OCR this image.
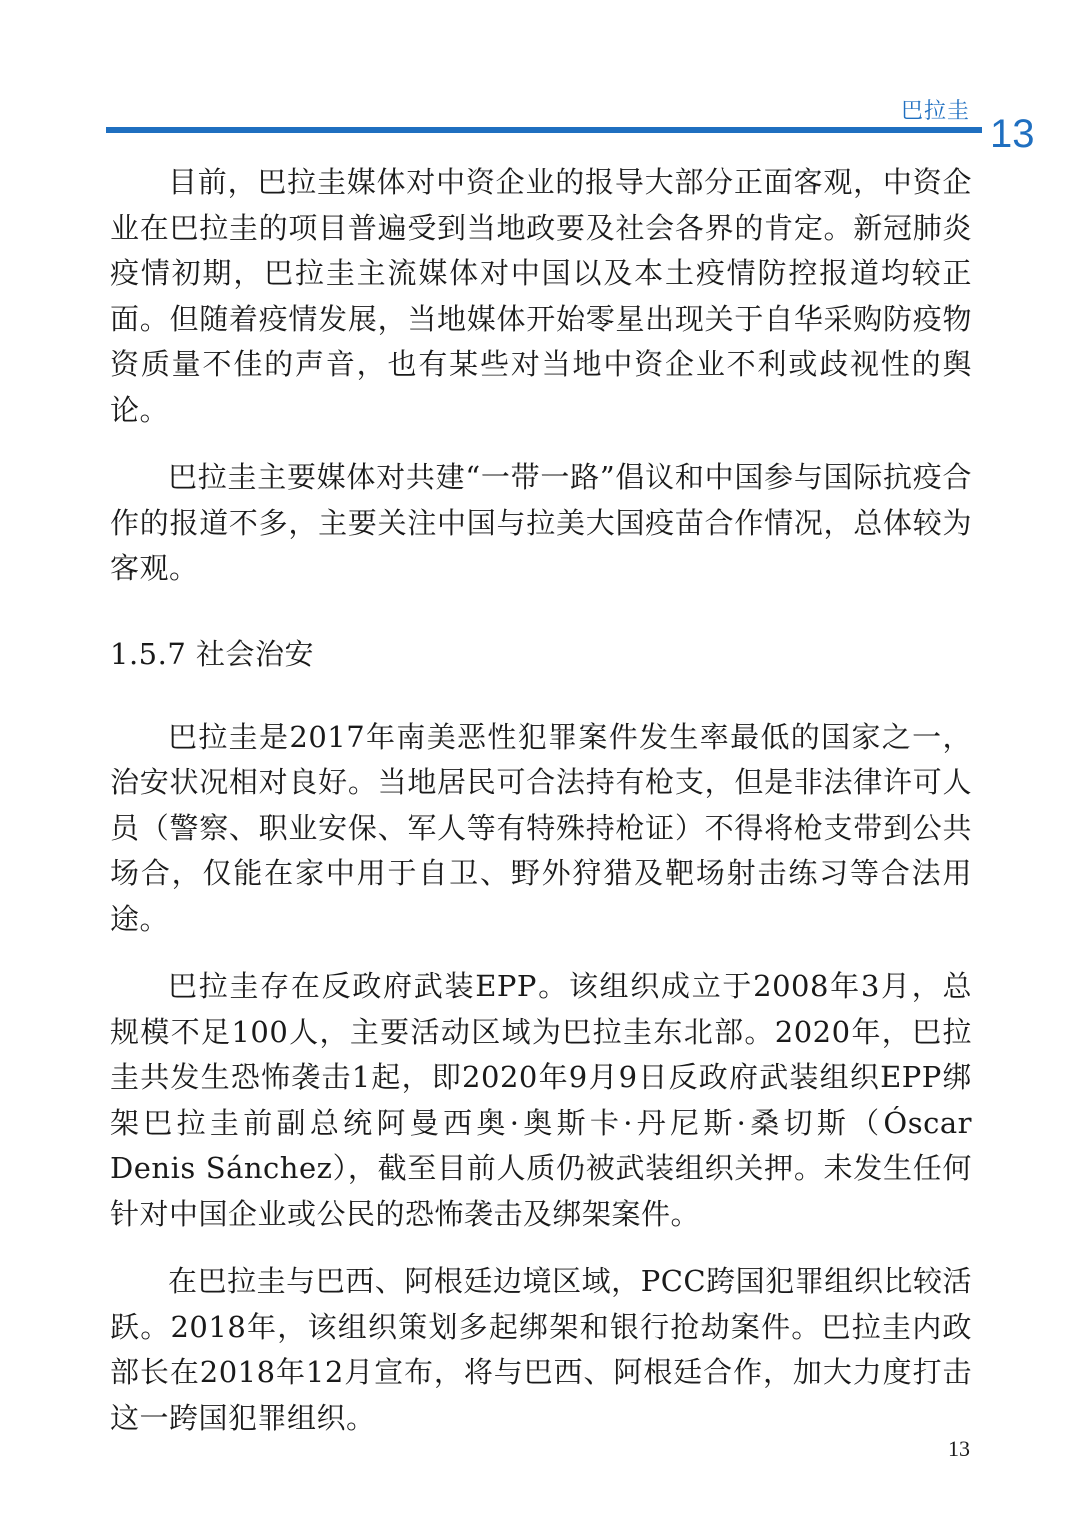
巴拉圭
13

目前，巴拉圭媒体对中资企业的报导大部分正面客观，中资企业在巴拉圭的项目普遍受到当地政要及社会各界的肯定。新冠肺炎疫情初期，巴拉圭主流媒体对中国以及本土疫情防控报道均较正面。但随着疫情发展，当地媒体开始零星出现关于自华采购防疫物资质量不佳的声音，也有某些对当地中资企业不利或歧视性的舆论。

巴拉圭主要媒体对共建“一带一路”倡议和中国参与国际抗疫合作的报道不多，主要关注中国与拉美大国疫苗合作情况，总体较为客观。

1.5.7 社会治安

巴拉圭是2017年南美恶性犯罪案件发生率最低的国家之一，治安状况相对良好。当地居民可合法持有枪支，但是非法律许可人员（警察、职业安保、军人等有特殊持枪证）不得将枪支带到公共场合，仅能在家中用于自卫、野外狩猎及靶场射击练习等合法用途。

巴拉圭存在反政府武装EPP。该组织成立于2008年3月，总规模不足100人，主要活动区域为巴拉圭东北部。2020年，巴拉圭共发生恐怖袭击1起，即2020年9月9日反政府武装组织EPP绑架巴拉圭前副总统阿曼西奥·奥斯卡·丹尼斯·桑切斯（Óscar Denis Sánchez），截至目前人质仍被武装组织关押。未发生任何针对中国企业或公民的恐怖袭击及绑架案件。

在巴拉圭与巴西、阿根廷边境区域，PCC跨国犯罪组织比较活跃。2018年，该组织策划多起绑架和银行抢劫案件。巴拉圭内政部长在2018年12月宣布，将与巴西、阿根廷合作，加大力度打击这一跨国犯罪组织。

13
